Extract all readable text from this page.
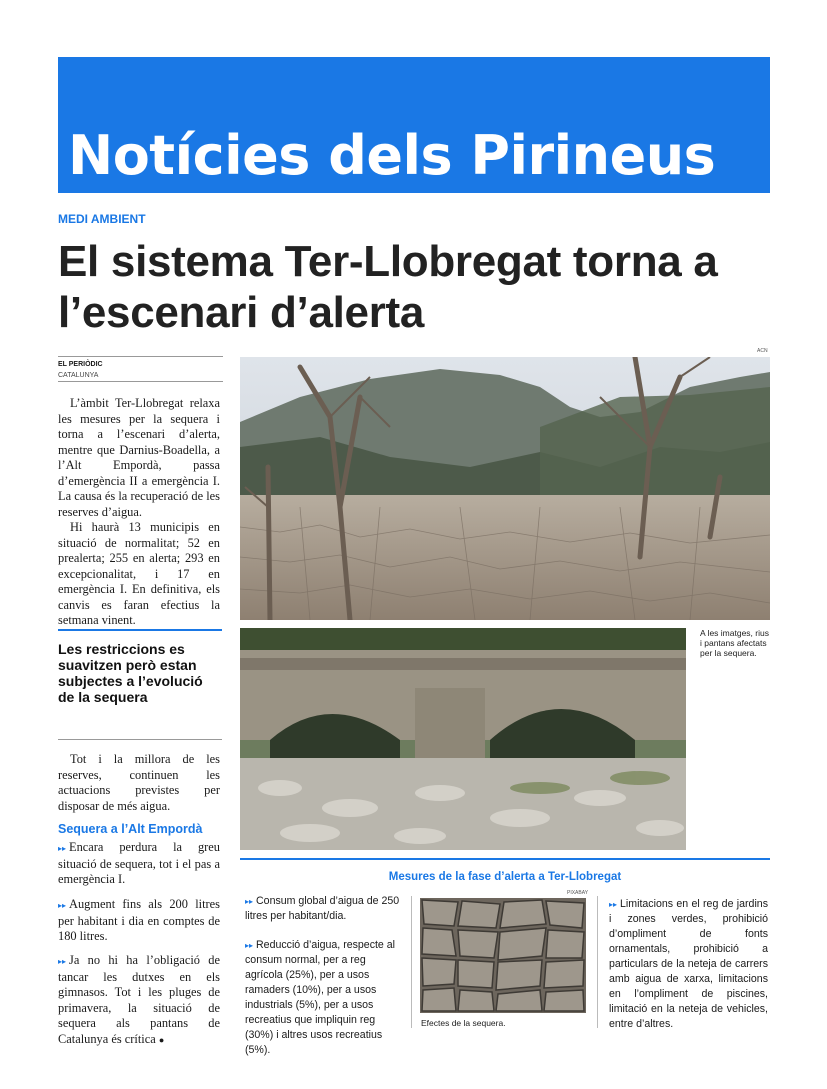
Notícies dels Pirineus
MEDI AMBIENT
El sistema Ter-Llobregat torna a l’escenari d’alerta
EL PERIÒDIC
CATALUNYA

L’àmbit Ter-Llobregat relaxa les mesures per la sequera i torna a l’escenari d’alerta, mentre que Darnius-Boadella, a l’Alt Empordà, passa d’emergència II a emergència I. La causa és la recuperació de les reserves d’aigua.

Hi haurà 13 municipis en situació de normalitat; 52 en prealerta; 255 en alerta; 293 en excepcionalitat, i 17 en emergència I. En definitiva, els canvis es faran efectius la setmana vinent.

Les restriccions es suavitzen però estan subjectes a l’evolució de la sequera

Tot i la millora de les reserves, continuen les actuacions previstes per disposar de més aigua.

Sequera a l’Alt Empordà
▸▸ Encara perdura la greu situació de sequera, tot i el pas a emergència I.
▸▸ Augment fins als 200 litres per habitant i dia en comptes de 180 litres.
▸▸ Ja no hi ha l’obligació de tancar les dutxes en els gimnasos. Tot i les pluges de primavera, la situació de sequera als pantans de Catalunya és crítica ●
ACN
A les imatges, rius i pantans afectats per la sequera.
Mesures de la fase d’alerta a Ter-Llobregat
▸▸ Consum global d’aigua de 250 litres per habitant/dia.
▸▸ Reducció d’aigua, respecte al consum normal, per a reg agrícola (25%), per a usos ramaders (10%), per a usos industrials (5%), per a usos recreatius que impliquin reg (30%) i altres usos recreatius (5%).
PIXABAY
Efectes de la sequera.
▸▸ Limitacions en el reg de jardins i zones verdes, prohibició d’ompliment de fonts ornamentals, prohibició a particulars de la neteja de carrers amb aigua de xarxa, limitacions en l’ompliment de piscines, limitació en la neteja de vehicles, entre d’altres.
